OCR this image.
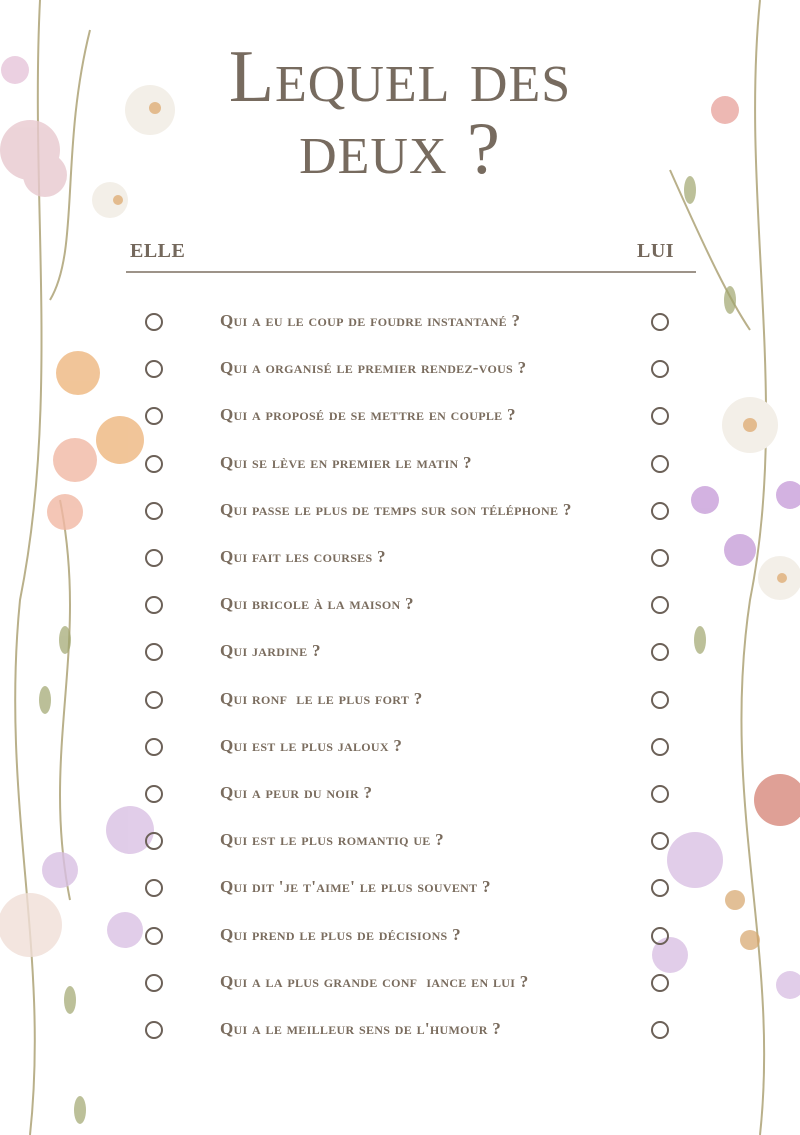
Lequel des
deux ?
ELLE	LUI
Qui a eu le coup de foudre instantané ?
Qui a organisé le premier rendez-vous ?
Qui a proposé de se mettre en couple ?
Qui se lève en premier le matin ?
Qui passe le plus de temps sur son téléphone ?
Qui fait les courses ?
Qui bricole à la maison ?
Qui jardine ?
Qui ronf  le le plus fort ?
Qui est le plus jaloux ?
Qui a peur du noir ?
Qui est le plus romantiq ue ?
Qui dit 'je t'aime' le plus souvent ?
Qui prend le plus de décisions ?
Qui a la plus grande conf  iance en lui ?
Qui a le meilleur sens de l'humour ?
